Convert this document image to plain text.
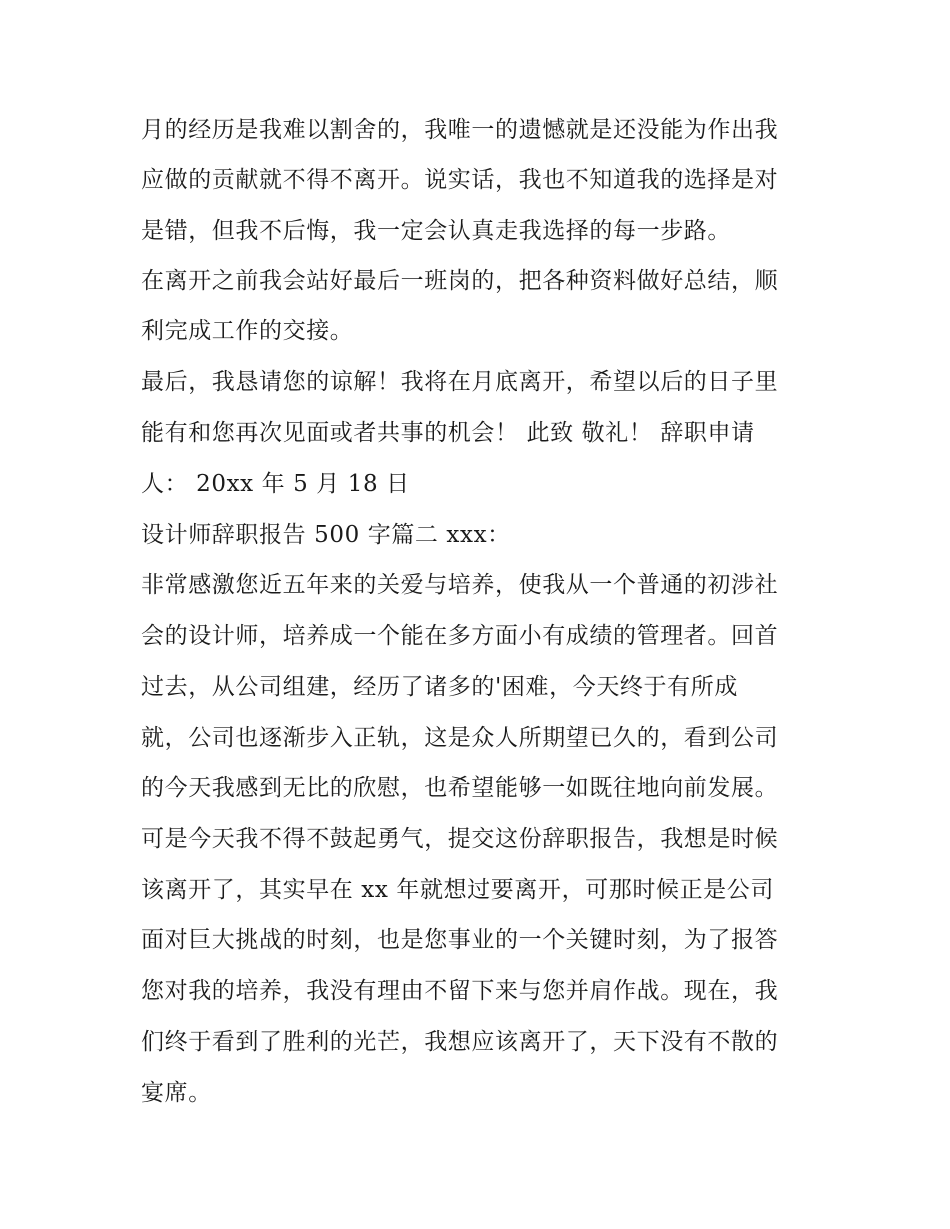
月的经历是我难以割舍的，我唯一的遗憾就是还没能为作出我
应做的贡献就不得不离开。说实话，我也不知道我的选择是对
是错，但我不后悔，我一定会认真走我选择的每一步路。
在离开之前我会站好最后一班岗的，把各种资料做好总结，顺
利完成工作的交接。
最后，我恳请您的谅解！我将在月底离开，希望以后的日子里
能有和您再次见面或者共事的机会！ 此致 敬礼！ 辞职申请
人： 20xx 年 5 月 18 日
设计师辞职报告 500 字篇二 xxx：
非常感激您近五年来的关爱与培养，使我从一个普通的初涉社
会的设计师，培养成一个能在多方面小有成绩的管理者。回首
过去，从公司组建，经历了诸多的'困难，今天终于有所成
就，公司也逐渐步入正轨，这是众人所期望已久的，看到公司
的今天我感到无比的欣慰，也希望能够一如既往地向前发展。
可是今天我不得不鼓起勇气，提交这份辞职报告，我想是时候
该离开了，其实早在 xx 年就想过要离开，可那时候正是公司
面对巨大挑战的时刻，也是您事业的一个关键时刻，为了报答
您对我的培养，我没有理由不留下来与您并肩作战。现在，我
们终于看到了胜利的光芒，我想应该离开了，天下没有不散的
宴席。
